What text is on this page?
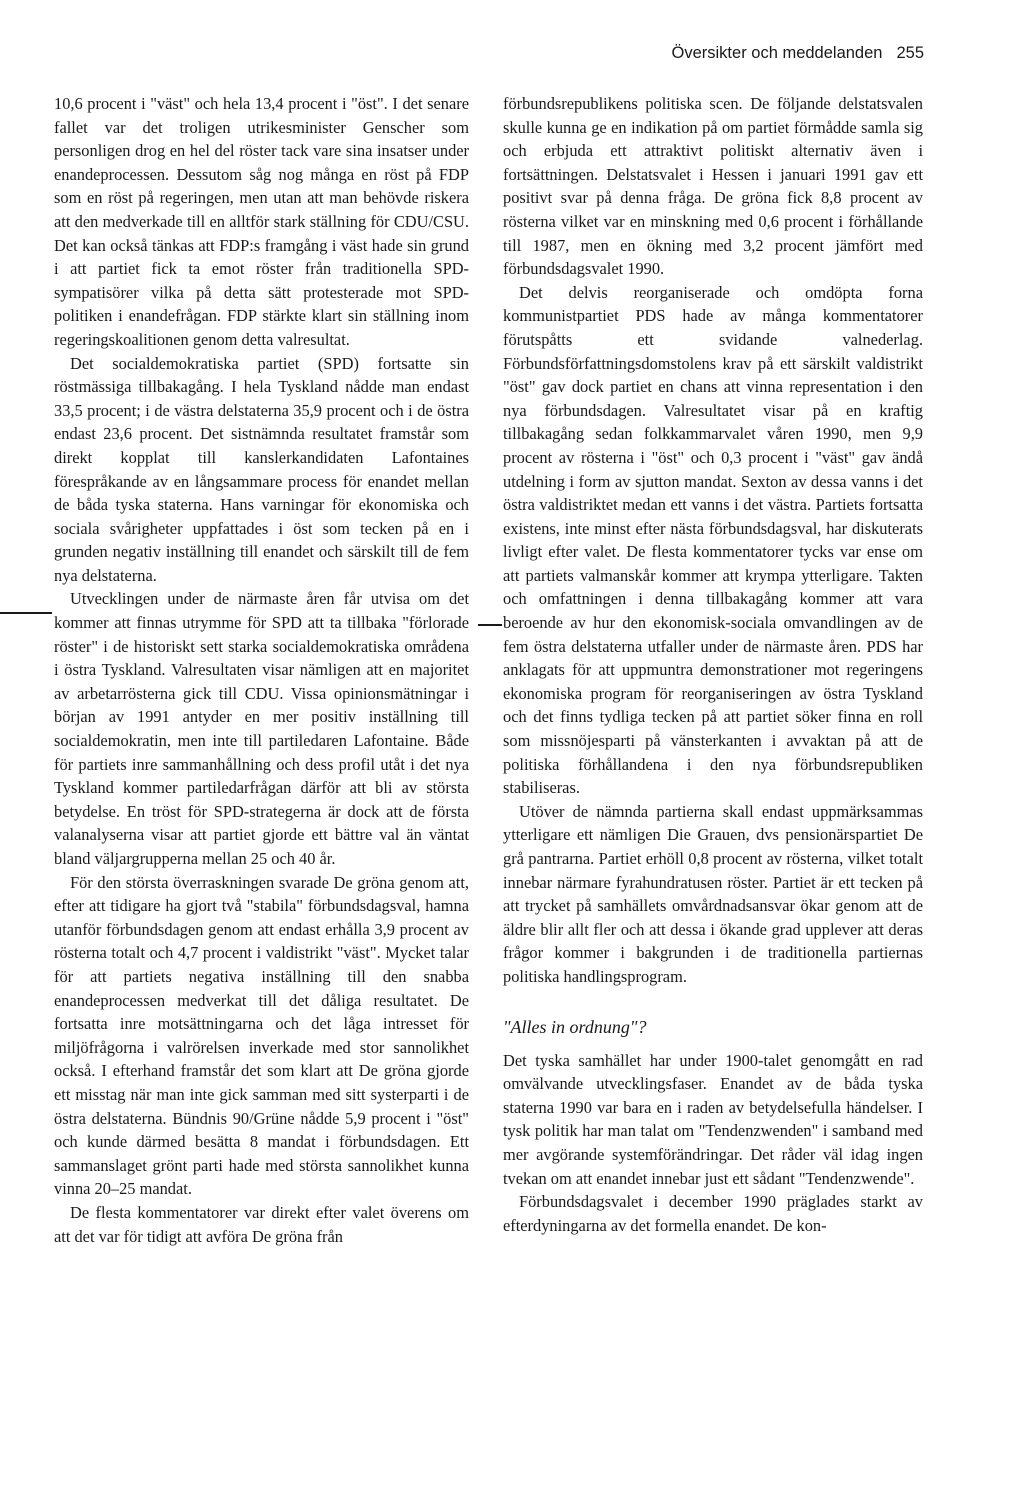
Översikter och meddelanden 255

10,6 procent i "väst" och hela 13,4 procent i "öst". I det senare fallet var det troligen utrikesminister Genscher som personligen drog en hel del röster tack vare sina insatser under enandeprocessen. Dessutom såg nog många en röst på FDP som en röst på regeringen, men utan att man behövde riskera att den medverkade till en alltför stark ställning för CDU/CSU. Det kan också tänkas att FDP:s framgång i väst hade sin grund i att partiet fick ta emot röster från traditionella SPD-sympatisörer vilka på detta sätt protesterade mot SPD-politiken i enandefrågan. FDP stärkte klart sin ställning inom regeringskoalitionen genom detta valresultat.

Det socialdemokratiska partiet (SPD) fortsatte sin röstmässiga tillbakagång. I hela Tyskland nådde man endast 33,5 procent; i de västra delstaterna 35,9 procent och i de östra endast 23,6 procent. Det sistnämnda resultatet framstår som direkt kopplat till kanslerkandidaten Lafontaines förespråkande av en långsammare process för enandet mellan de båda tyska staterna. Hans varningar för ekonomiska och sociala svårigheter uppfattades i öst som tecken på en i grunden negativ inställning till enandet och särskilt till de fem nya delstaterna.

Utvecklingen under de närmaste åren får utvisa om det kommer att finnas utrymme för SPD att ta tillbaka "förlorade röster" i de historiskt sett starka socialdemokratiska områdena i östra Tyskland. Valresultaten visar nämligen att en majoritet av arbetarrösterna gick till CDU. Vissa opinionsmätningar i början av 1991 antyder en mer positiv inställning till socialdemokratin, men inte till partiledaren Lafontaine. Både för partiets inre sammanhållning och dess profil utåt i det nya Tyskland kommer partiledarfrågan därför att bli av största betydelse. En tröst för SPD-strategerna är dock att de första valanalyserna visar att partiet gjorde ett bättre val än väntat bland väljargrupperna mellan 25 och 40 år.

För den största överraskningen svarade De gröna genom att, efter att tidigare ha gjort två "stabila" förbundsdagsval, hamna utanför förbundsdagen genom att endast erhålla 3,9 procent av rösterna totalt och 4,7 procent i valdistrikt "väst". Mycket talar för att partiets negativa inställning till den snabba enandeprocessen medverkat till det dåliga resultatet. De fortsatta inre motsättningarna och det låga intresset för miljöfrågorna i valrörelsen inverkade med stor sannolikhet också. I efterhand framstår det som klart att De gröna gjorde ett misstag när man inte gick samman med sitt systerparti i de östra delstaterna. Bündnis 90/Grüne nådde 5,9 procent i "öst" och kunde därmed besätta 8 mandat i förbundsdagen. Ett sammanslaget grönt parti hade med största sannolikhet kunna vinna 20–25 mandat.

De flesta kommentatorer var direkt efter valet överens om att det var för tidigt att avföra De gröna från

förbundsrepublikens politiska scen. De följande delstatsvalen skulle kunna ge en indikation på om partiet förmådde samla sig och erbjuda ett attraktivt politiskt alternativ även i fortsättningen. Delstatsvalet i Hessen i januari 1991 gav ett positivt svar på denna fråga. De gröna fick 8,8 procent av rösterna vilket var en minskning med 0,6 procent i förhållande till 1987, men en ökning med 3,2 procent jämfört med förbundsdagsvalet 1990.

Det delvis reorganiserade och omdöpta forna kommunistpartiet PDS hade av många kommentatorer förutspåtts ett svidande valnederlag. Förbundsförfattningsdomstolens krav på ett särskilt valdistrikt "öst" gav dock partiet en chans att vinna representation i den nya förbundsdagen. Valresultatet visar på en kraftig tillbakagång sedan folkkammarvalet våren 1990, men 9,9 procent av rösterna i "öst" och 0,3 procent i "väst" gav ändå utdelning i form av sjutton mandat. Sexton av dessa vanns i det östra valdistriktet medan ett vanns i det västra. Partiets fortsatta existens, inte minst efter nästa förbundsdagsval, har diskuterats livligt efter valet. De flesta kommentatorer tycks var ense om att partiets valmanskår kommer att krympa ytterligare. Takten och omfattningen i denna tillbakagång kommer att vara beroende av hur den ekonomisk-sociala omvandlingen av de fem östra delstaterna utfaller under de närmaste åren. PDS har anklagats för att uppmuntra demonstrationer mot regeringens ekonomiska program för reorganiseringen av östra Tyskland och det finns tydliga tecken på att partiet söker finna en roll som missnöjesparti på vänsterkanten i avvaktan på att de politiska förhållandena i den nya förbundsrepubliken stabiliseras.

Utöver de nämnda partierna skall endast uppmärksammas ytterligare ett nämligen Die Grauen, dvs pensionärspartiet De grå pantrarna. Partiet erhöll 0,8 procent av rösterna, vilket totalt innebar närmare fyrahundratusen röster. Partiet är ett tecken på att trycket på samhällets omvårdnadsansvar ökar genom att de äldre blir allt fler och att dessa i ökande grad upplever att deras frågor kommer i bakgrunden i de traditionella partiernas politiska handlingsprogram.

"Alles in ordnung"?

Det tyska samhället har under 1900-talet genomgått en rad omvälvande utvecklingsfaser. Enandet av de båda tyska staterna 1990 var bara en i raden av betydelsefulla händelser. I tysk politik har man talat om "Tendenzwenden" i samband med mer avgörande systemförändringar. Det råder väl idag ingen tvekan om att enandet innebar just ett sådant "Tendenzwende".

Förbundsdagsvalet i december 1990 präglades starkt av efterdyningarna av det formella enandet. De kon-
